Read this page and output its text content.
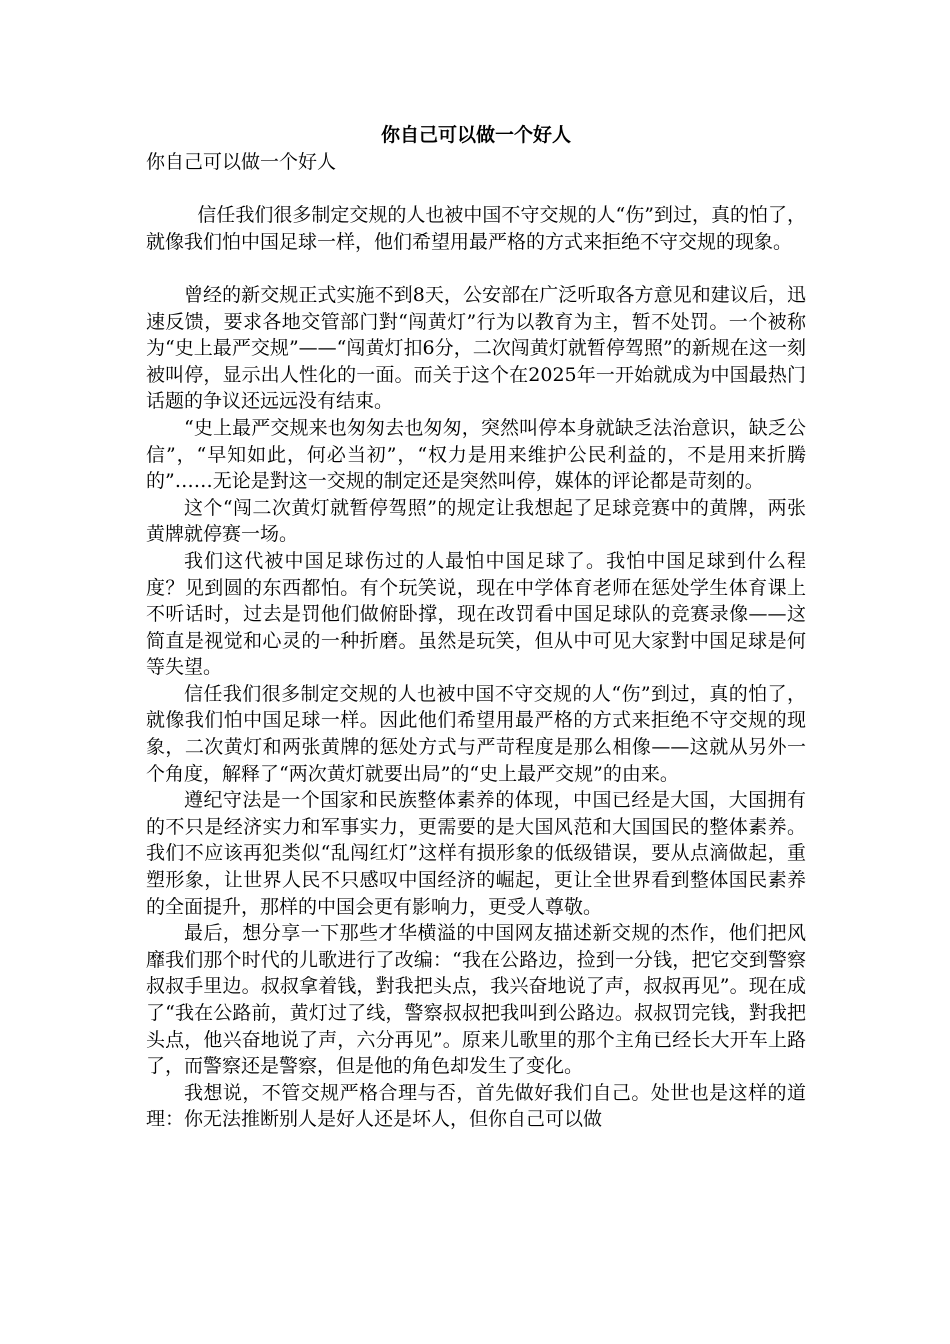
你自己可以做一个好人

你自己可以做一个好人

信任我们很多制定交规的人也被中国不守交规的人“伤”到过，真的怕了，就像我们怕中国足球一样，他们希望用最严格的方式来拒绝不守交规的现象。

曾经的新交规正式实施不到8天，公安部在广泛听取各方意见和建议后，迅速反馈，要求各地交管部门對“闯黄灯”行为以教育为主，暂不处罚。一个被称为“史上最严交规”——“闯黄灯扣6分，二次闯黄灯就暂停驾照”的新规在这一刻被叫停，显示出人性化的一面。而关于这个在2025年一开始就成为中国最热门话题的争议还远远没有结束。

“史上最严交规来也匆匆去也匆匆，突然叫停本身就缺乏法治意识，缺乏公信”，“早知如此，何必当初”，“权力是用来维护公民利益的，不是用来折腾的”……无论是對这一交规的制定还是突然叫停，媒体的评论都是苛刻的。

这个“闯二次黄灯就暂停驾照”的规定让我想起了足球竞赛中的黄牌，两张黄牌就停赛一场。

我们这代被中国足球伤过的人最怕中国足球了。我怕中国足球到什么程度？见到圆的东西都怕。有个玩笑说，现在中学体育老师在惩处学生体育课上不听话时，过去是罚他们做俯卧撑，现在改罚看中国足球队的竞赛录像——这简直是视觉和心灵的一种折磨。虽然是玩笑，但从中可见大家對中国足球是何等失望。

信任我们很多制定交规的人也被中国不守交规的人“伤”到过，真的怕了，就像我们怕中国足球一样。因此他们希望用最严格的方式来拒绝不守交规的现象，二次黄灯和两张黄牌的惩处方式与严苛程度是那么相像——这就从另外一个角度，解释了“两次黄灯就要出局”的“史上最严交规”的由来。

遵纪守法是一个国家和民族整体素养的体现，中国已经是大国，大国拥有的不只是经济实力和军事实力，更需要的是大国风范和大国国民的整体素养。我们不应该再犯类似“乱闯红灯”这样有损形象的低级错误，要从点滴做起，重塑形象，让世界人民不只感叹中国经济的崛起，更让全世界看到整体国民素养的全面提升，那样的中国会更有影响力，更受人尊敬。

最后，想分享一下那些才华横溢的中国网友描述新交规的杰作，他们把风靡我们那个时代的儿歌进行了改编：“我在公路边，捡到一分钱，把它交到警察叔叔手里边。叔叔拿着钱，對我把头点，我兴奋地说了声，叔叔再见”。现在成了“我在公路前，黄灯过了线，警察叔叔把我叫到公路边。叔叔罚完钱，對我把头点，他兴奋地说了声，六分再见”。原来儿歌里的那个主角已经长大开车上路了，而警察还是警察，但是他的角色却发生了变化。

我想说，不管交规严格合理与否，首先做好我们自己。处世也是这样的道理：你无法推断别人是好人还是坏人，但你自己可以做
